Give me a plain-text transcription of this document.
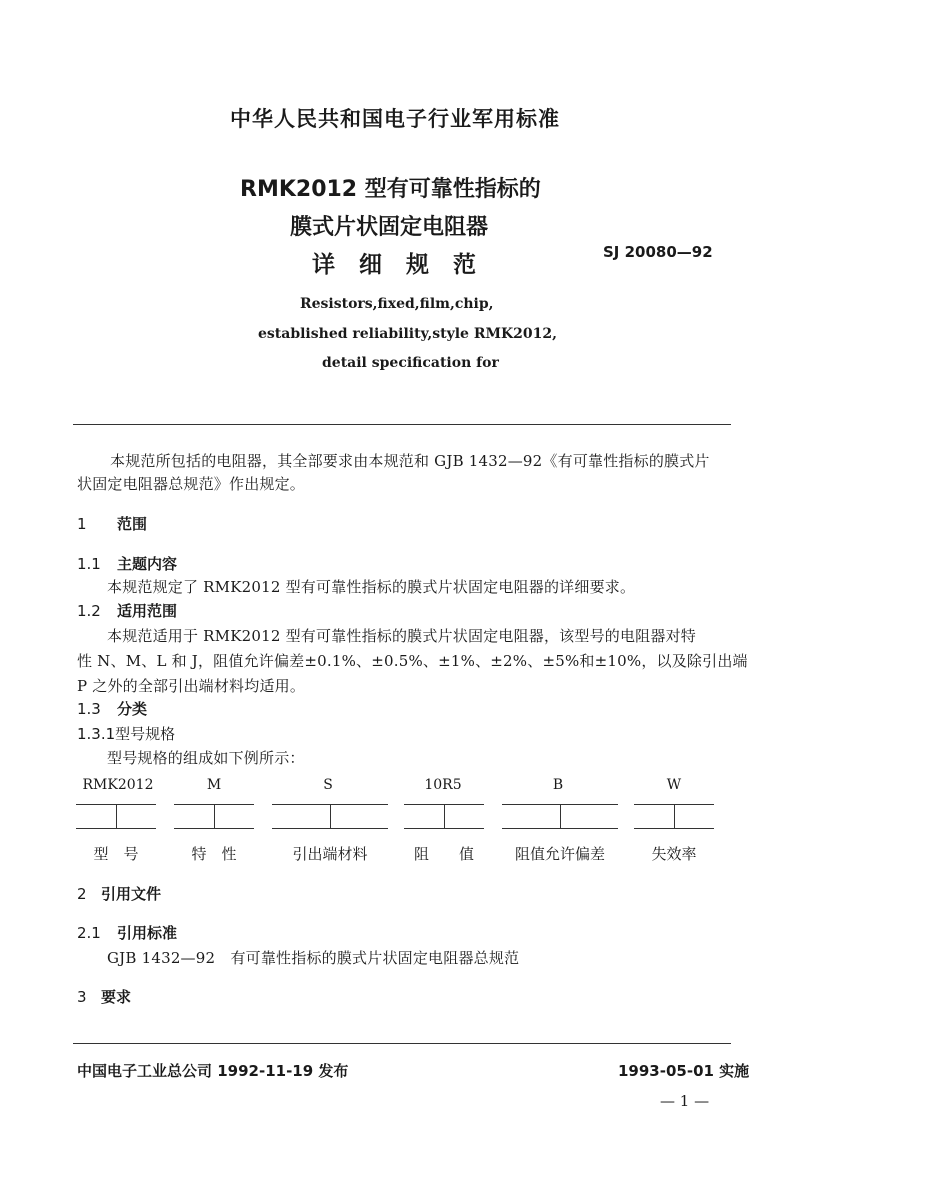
中华人民共和国电子行业军用标准
RMK2012 型有可靠性指标的
膜式片状固定电阻器
详细规范	SJ 20080—92
Resistors,fixed,film,chip,
established reliability,style RMK2012,
detail specification for
本规范所包括的电阻器，其全部要求由本规范和 GJB 1432—92《有可靠性指标的膜式片
状固定电阻器总规范》作出规定。
1 范围
1.1 主题内容
本规范规定了 RMK2012 型有可靠性指标的膜式片状固定电阻器的详细要求。
1.2 适用范围
本规范适用于 RMK2012 型有可靠性指标的膜式片状固定电阻器，该型号的电阻器对特
性 N、M、L 和 J，阻值允许偏差±0.1%、±0.5%、±1%、±2%、±5%和±10%，以及除引出端
P 之外的全部引出端材料均适用。
1.3 分类
1.3.1型号规格
型号规格的组成如下例所示：
RMK2012	M	S	10R5	B	W
型　号	特　性	引出端材料	阻　　值	阻值允许偏差	失效率
2 引用文件
2.1 引用标准
GJB 1432—92　有可靠性指标的膜式片状固定电阻器总规范
3 要求
中国电子工业总公司 1992-11-19 发布	1993-05-01 实施
— 1 —
